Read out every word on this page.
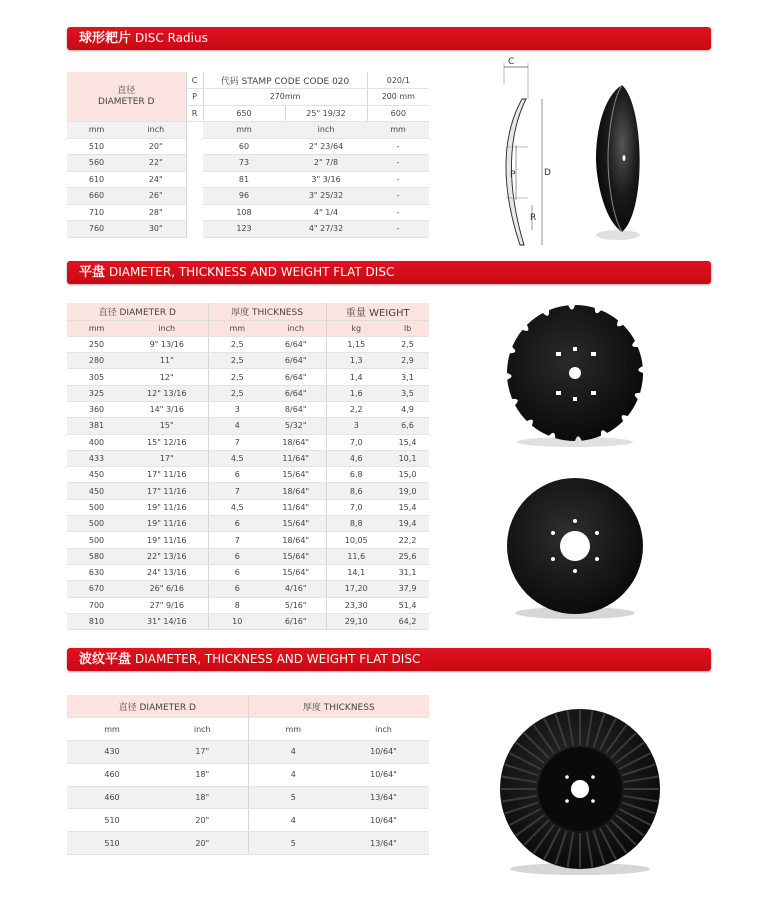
球形耙片 DISC Radius
直径
DIAMETER D		C	代码 STAMP CODE CODE 020		020/1
		P	270mm		200 mm
		R	650	25" 19/32	600
mm	inch		mm	inch	mm
510	20"		60	2" 23/64	-
560	22"		73	2" 7/8	-
610	24"		81	3" 3/16	-
660	26"		96	3" 25/32	-
710	28"		108	4" 1/4	-
760	30"		123	4" 27/32	-
C
D
P
R
平盘 DIAMETER, THICKNESS AND WEIGHT FLAT DISC
直径 DIAMETER D		厚度 THICKNESS		重量 WEIGHT	
mm	inch	mm	inch	kg	lb
250	9" 13/16	2,5	6/64"	1,15	2,5
280	11"	2,5	6/64"	1,3	2,9
305	12"	2,5	6/64"	1,4	3,1
325	12" 13/16	2,5	6/64"	1,6	3,5
360	14" 3/16	3	8/64"	2,2	4,9
381	15"	4	5/32"	3	6,6
400	15" 12/16	7	18/64"	7,0	15,4
433	17"	4.5	11/64"	4,6	10,1
450	17" 11/16	6	15/64"	6,8	15,0
450	17" 11/16	7	18/64"	8,6	19,0
500	19" 11/16	4,5	11/64"	7,0	15,4
500	19" 11/16	6	15/64"	8,8	19,4
500	19" 11/16	7	18/64"	10,05	22,2
580	22" 13/16	6	15/64"	11,6	25,6
630	24" 13/16	6	15/64"	14,1	31,1
670	26" 6/16	6	4/16"	17,20	37,9
700	27" 9/16	8	5/16"	23,30	51,4
810	31" 14/16	10	6/16"	29,10	64,2
波纹平盘 DIAMETER, THICKNESS AND WEIGHT FLAT DISC
直径 DIAMETER D		厚度 THICKNESS	
mm	inch	mm	inch
430	17"	4	10/64"
460	18"	4	10/64"
460	18"	5	13/64"
510	20"	4	10/64"
510	20"	5	13/64"
